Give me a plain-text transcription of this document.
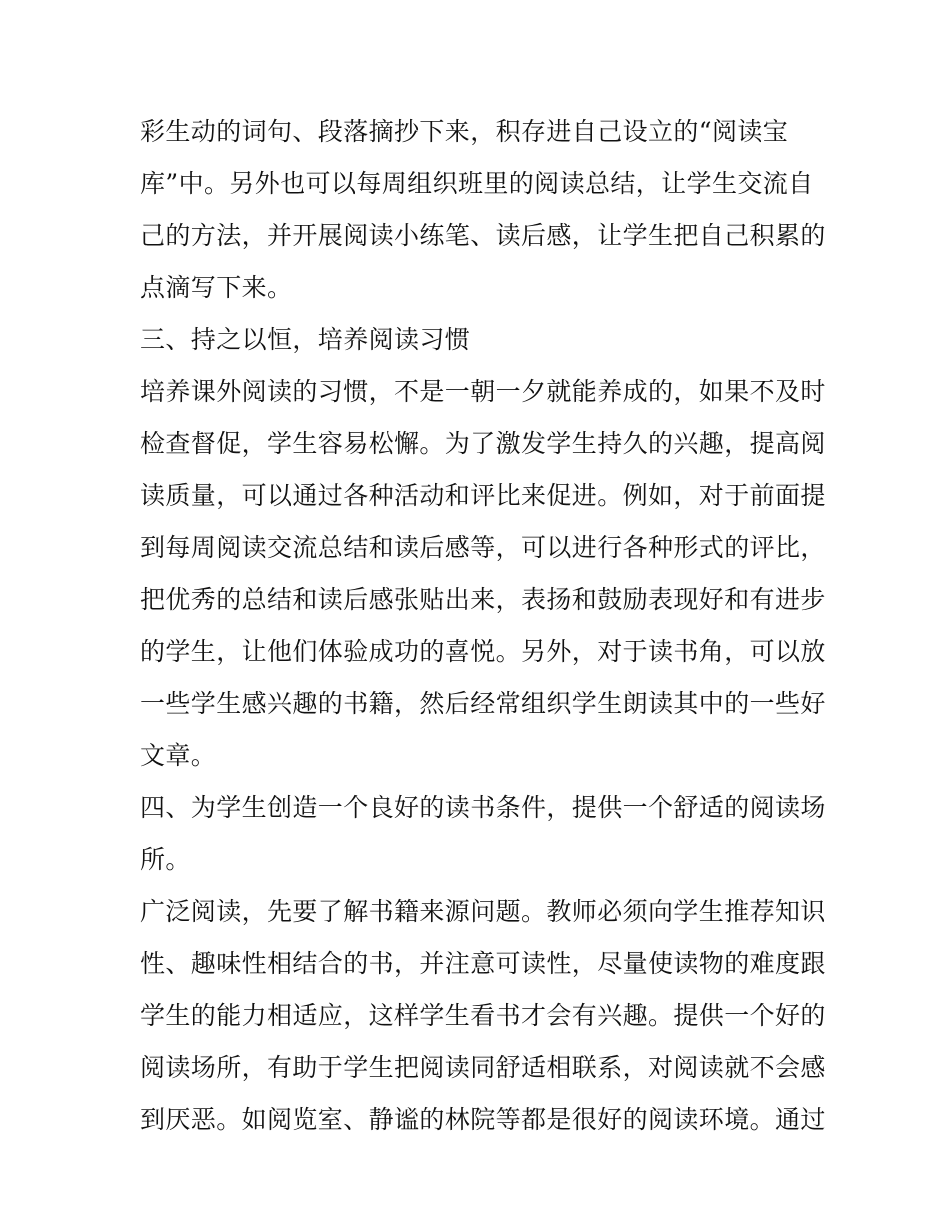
彩生动的词句、段落摘抄下来，积存进自己设立的“阅读宝
库”中。另外也可以每周组织班里的阅读总结，让学生交流自
己的方法，并开展阅读小练笔、读后感，让学生把自己积累的
点滴写下来。
三、持之以恒，培养阅读习惯
培养课外阅读的习惯，不是一朝一夕就能养成的，如果不及时
检查督促，学生容易松懈。为了激发学生持久的兴趣，提高阅
读质量，可以通过各种活动和评比来促进。例如，对于前面提
到每周阅读交流总结和读后感等，可以进行各种形式的评比，
把优秀的总结和读后感张贴出来，表扬和鼓励表现好和有进步
的学生，让他们体验成功的喜悦。另外，对于读书角，可以放
一些学生感兴趣的书籍，然后经常组织学生朗读其中的一些好
文章。
四、为学生创造一个良好的读书条件，提供一个舒适的阅读场
所。
广泛阅读，先要了解书籍来源问题。教师必须向学生推荐知识
性、趣味性相结合的书，并注意可读性，尽量使读物的难度跟
学生的能力相适应，这样学生看书才会有兴趣。提供一个好的
阅读场所，有助于学生把阅读同舒适相联系，对阅读就不会感
到厌恶。如阅览室、静谧的林院等都是很好的阅读环境。通过
